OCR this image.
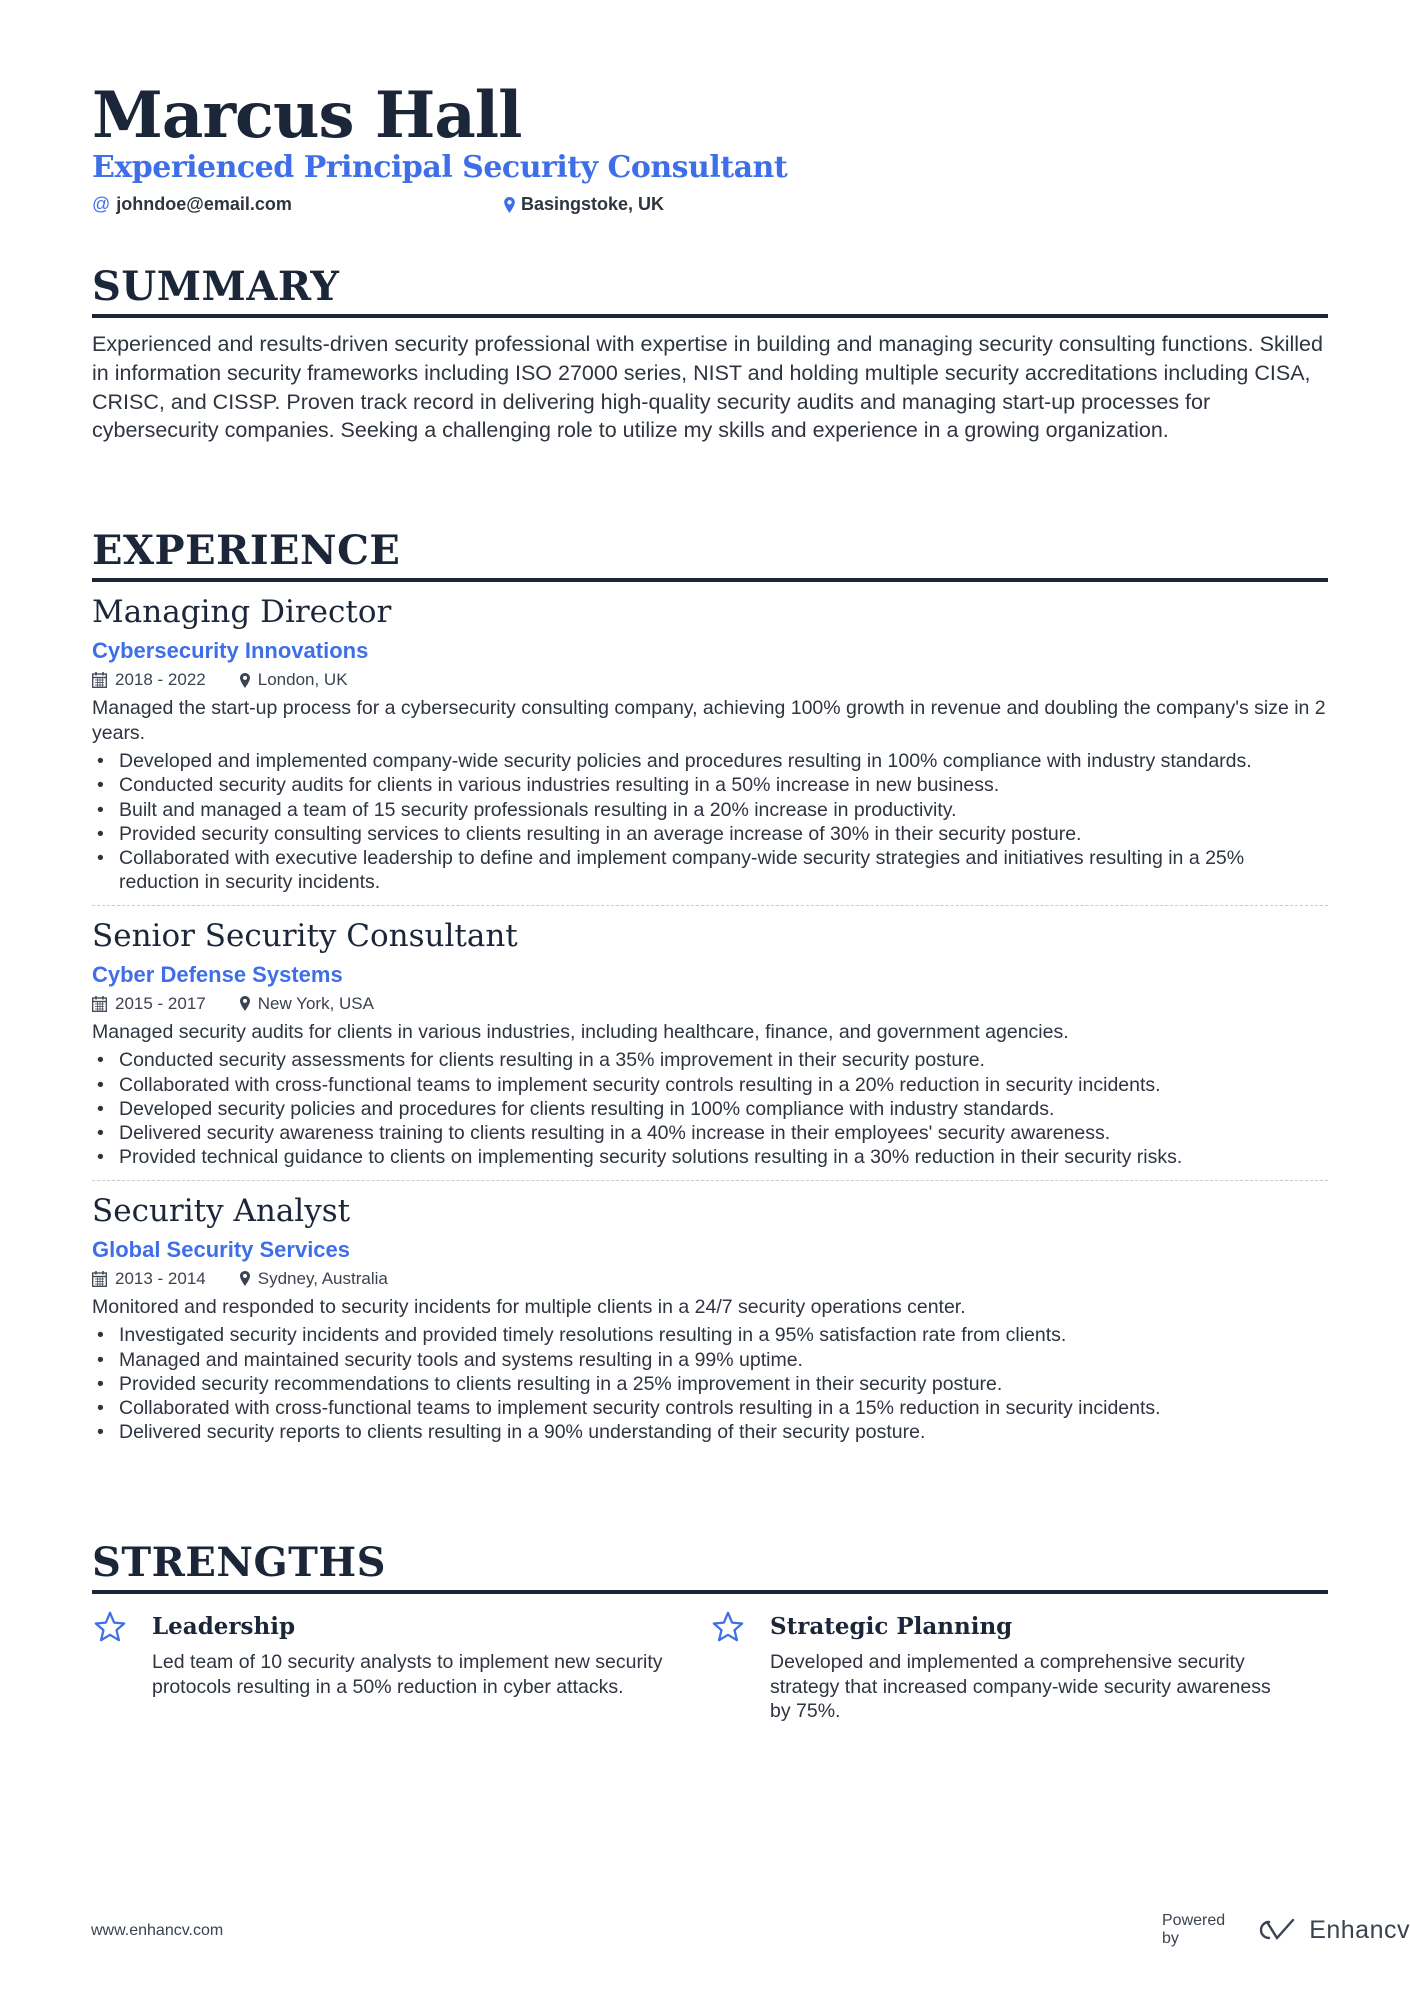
Marcus Hall
Experienced Principal Security Consultant
@ johndoe@email.com	Basingstoke, UK
SUMMARY
Experienced and results-driven security professional with expertise in building and managing security consulting functions. Skilled in information security frameworks including ISO 27000 series, NIST and holding multiple security accreditations including CISA, CRISC, and CISSP. Proven track record in delivering high-quality security audits and managing start-up processes for cybersecurity companies. Seeking a challenging role to utilize my skills and experience in a growing organization.
EXPERIENCE
Managing Director
Cybersecurity Innovations
2018 - 2022	London, UK
Managed the start-up process for a cybersecurity consulting company, achieving 100% growth in revenue and doubling the company's size in 2 years.
• Developed and implemented company-wide security policies and procedures resulting in 100% compliance with industry standards.
• Conducted security audits for clients in various industries resulting in a 50% increase in new business.
• Built and managed a team of 15 security professionals resulting in a 20% increase in productivity.
• Provided security consulting services to clients resulting in an average increase of 30% in their security posture.
• Collaborated with executive leadership to define and implement company-wide security strategies and initiatives resulting in a 25% reduction in security incidents.
Senior Security Consultant
Cyber Defense Systems
2015 - 2017	New York, USA
Managed security audits for clients in various industries, including healthcare, finance, and government agencies.
• Conducted security assessments for clients resulting in a 35% improvement in their security posture.
• Collaborated with cross-functional teams to implement security controls resulting in a 20% reduction in security incidents.
• Developed security policies and procedures for clients resulting in 100% compliance with industry standards.
• Delivered security awareness training to clients resulting in a 40% increase in their employees' security awareness.
• Provided technical guidance to clients on implementing security solutions resulting in a 30% reduction in their security risks.
Security Analyst
Global Security Services
2013 - 2014	Sydney, Australia
Monitored and responded to security incidents for multiple clients in a 24/7 security operations center.
• Investigated security incidents and provided timely resolutions resulting in a 95% satisfaction rate from clients.
• Managed and maintained security tools and systems resulting in a 99% uptime.
• Provided security recommendations to clients resulting in a 25% improvement in their security posture.
• Collaborated with cross-functional teams to implement security controls resulting in a 15% reduction in security incidents.
• Delivered security reports to clients resulting in a 90% understanding of their security posture.
STRENGTHS
Leadership
Led team of 10 security analysts to implement new security protocols resulting in a 50% reduction in cyber attacks.
Strategic Planning
Developed and implemented a comprehensive security strategy that increased company-wide security awareness by 75%.
www.enhancv.com
Powered by	Enhancv
